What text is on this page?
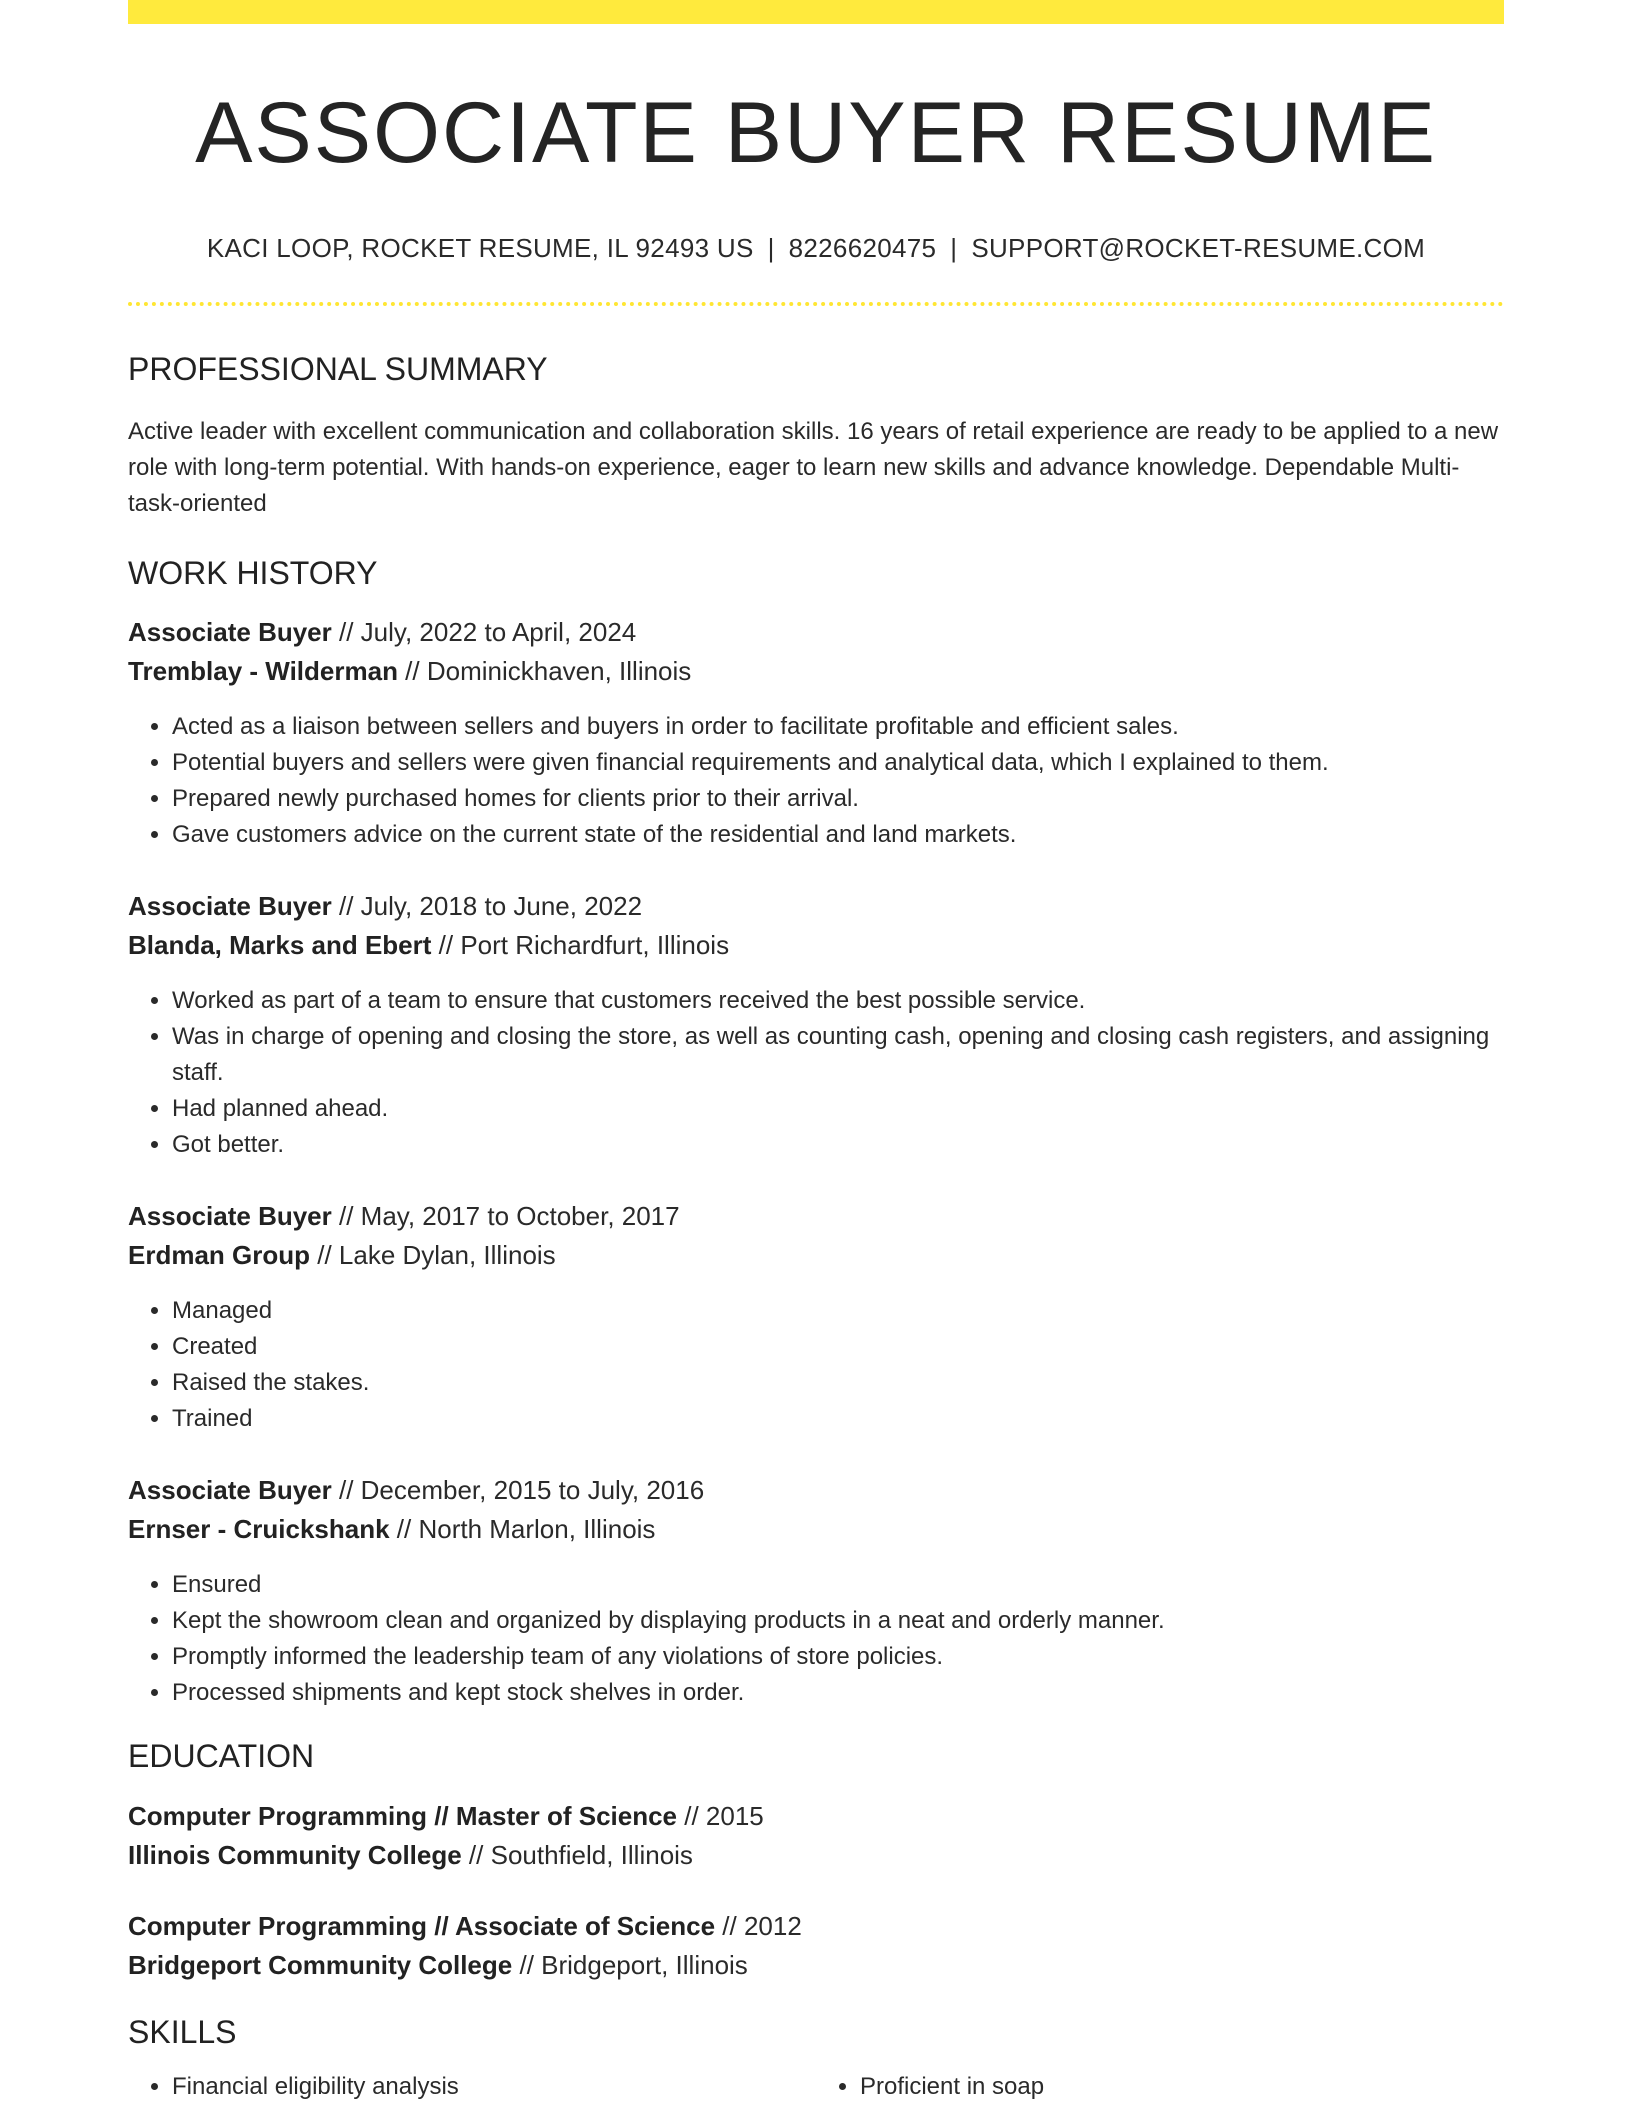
ASSOCIATE BUYER RESUME
KACI LOOP, ROCKET RESUME, IL 92493 US | 8226620475 | SUPPORT@ROCKET-RESUME.COM
PROFESSIONAL SUMMARY

Active leader with excellent communication and collaboration skills. 16 years of retail experience are ready to be applied to a new role with long-term potential. With hands-on experience, eager to learn new skills and advance knowledge. Dependable Multi-task-oriented

WORK HISTORY
Associate Buyer // July, 2022 to April, 2024
Tremblay - Wilderman // Dominickhaven, Illinois
• Acted as a liaison between sellers and buyers in order to facilitate profitable and efficient sales.
• Potential buyers and sellers were given financial requirements and analytical data, which I explained to them.
• Prepared newly purchased homes for clients prior to their arrival.
• Gave customers advice on the current state of the residential and land markets.
Associate Buyer // July, 2018 to June, 2022
Blanda, Marks and Ebert // Port Richardfurt, Illinois
• Worked as part of a team to ensure that customers received the best possible service.
• Was in charge of opening and closing the store, as well as counting cash, opening and closing cash registers, and assigning staff.
• Had planned ahead.
• Got better.
Associate Buyer // May, 2017 to October, 2017
Erdman Group // Lake Dylan, Illinois
• Managed
• Created
• Raised the stakes.
• Trained
Associate Buyer // December, 2015 to July, 2016
Ernser - Cruickshank // North Marlon, Illinois
• Ensured
• Kept the showroom clean and organized by displaying products in a neat and orderly manner.
• Promptly informed the leadership team of any violations of store policies.
• Processed shipments and kept stock shelves in order.
EDUCATION
Computer Programming // Master of Science // 2015
Illinois Community College // Southfield, Illinois
Computer Programming // Associate of Science // 2012
Bridgeport Community College // Bridgeport, Illinois
SKILLS
• Financial eligibility analysis
•	Proficient in soap
